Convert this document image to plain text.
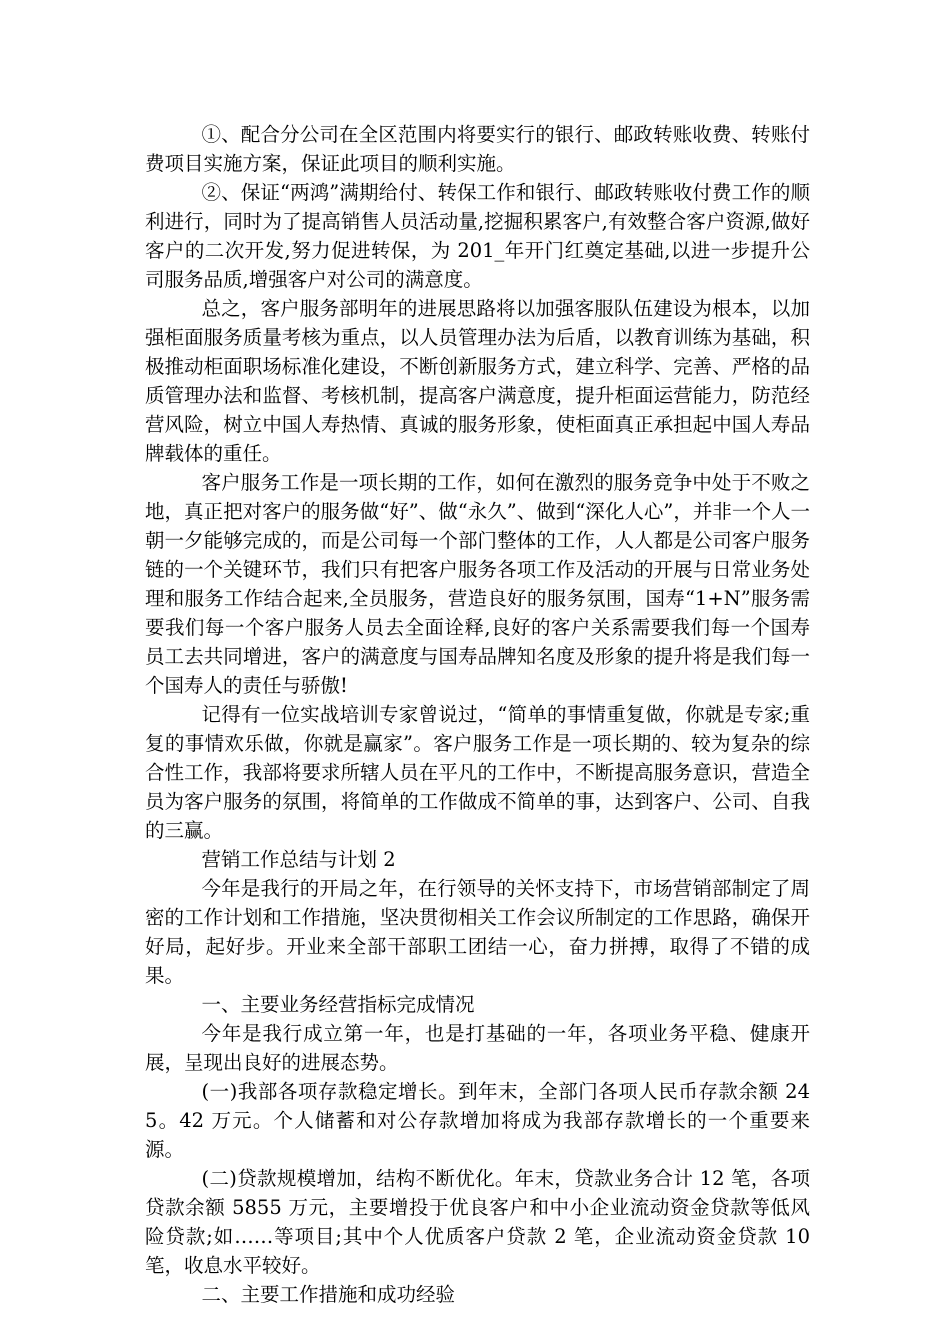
①、配合分公司在全区范围内将要实行的银行、邮政转账收费、转账付费项目实施方案，保证此项目的顺利实施。

②、保证“两鸿”满期给付、转保工作和银行、邮政转账收付费工作的顺利进行，同时为了提高销售人员活动量,挖掘积累客户,有效整合客户资源,做好客户的二次开发,努力促进转保，为 201_年开门红奠定基础,以进一步提升公司服务品质,增强客户对公司的满意度。

总之，客户服务部明年的进展思路将以加强客服队伍建设为根本，以加强柜面服务质量考核为重点，以人员管理办法为后盾，以教育训练为基础，积极推动柜面职场标准化建设，不断创新服务方式，建立科学、完善、严格的品质管理办法和监督、考核机制，提高客户满意度，提升柜面运营能力，防范经营风险，树立中国人寿热情、真诚的服务形象，使柜面真正承担起中国人寿品牌载体的重任。

客户服务工作是一项长期的工作，如何在激烈的服务竞争中处于不败之地，真正把对客户的服务做“好”、做“永久”、做到“深化人心”，并非一个人一朝一夕能够完成的，而是公司每一个部门整体的工作，人人都是公司客户服务链的一个关键环节，我们只有把客户服务各项工作及活动的开展与日常业务处理和服务工作结合起来,全员服务，营造良好的服务氛围，国寿“1+N”服务需要我们每一个客户服务人员去全面诠释,良好的客户关系需要我们每一个国寿员工去共同增进，客户的满意度与国寿品牌知名度及形象的提升将是我们每一个国寿人的责任与骄傲!

记得有一位实战培训专家曾说过，“简单的事情重复做，你就是专家;重复的事情欢乐做，你就是赢家”。客户服务工作是一项长期的、较为复杂的综合性工作，我部将要求所辖人员在平凡的工作中，不断提高服务意识，营造全员为客户服务的氛围，将简单的工作做成不简单的事，达到客户、公司、自我的三赢。

营销工作总结与计划 2

今年是我行的开局之年，在行领导的关怀支持下，市场营销部制定了周密的工作计划和工作措施，坚决贯彻相关工作会议所制定的工作思路，确保开好局，起好步。开业来全部干部职工团结一心，奋力拼搏，取得了不错的成果。

一、主要业务经营指标完成情况

今年是我行成立第一年，也是打基础的一年，各项业务平稳、健康开展，呈现出良好的进展态势。

(一)我部各项存款稳定增长。到年末，全部门各项人民币存款余额 245。42 万元。个人储蓄和对公存款增加将成为我部存款增长的一个重要来源。

(二)贷款规模增加，结构不断优化。年末，贷款业务合计 12 笔，各项贷款余额 5855 万元，主要增投于优良客户和中小企业流动资金贷款等低风险贷款;如……等项目;其中个人优质客户贷款 2 笔，企业流动资金贷款 10 笔，收息水平较好。

二、主要工作措施和成功经验
